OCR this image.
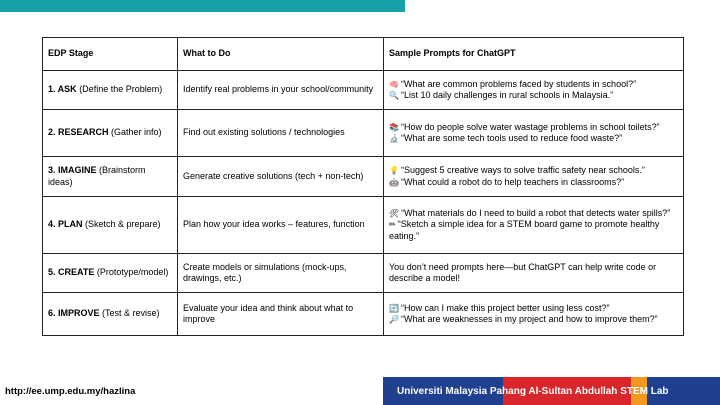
EDP Stage	What to Do	Sample Prompts for ChatGPT
1. ASK (Define the Problem)	Identify real problems in your school/community	🧠 “What are common problems faced by students in school?”
🔍 “List 10 daily challenges in rural schools in Malaysia.”
2. RESEARCH (Gather info)	Find out existing solutions / technologies	📚 “How do people solve water wastage problems in school toilets?”
🔬 “What are some tech tools used to reduce food waste?”
3. IMAGINE (Brainstorm ideas)	Generate creative solutions (tech + non-tech)	💡 “Suggest 5 creative ways to solve traffic safety near schools.”
🤖 “What could a robot do to help teachers in classrooms?”
4. PLAN (Sketch & prepare)	Plan how your idea works – features, function	🛠 “What materials do I need to build a robot that detects water spills?”
✏ “Sketch a simple idea for a STEM board game to promote healthy eating.”
5. CREATE (Prototype/model)	Create models or simulations (mock-ups, drawings, etc.)	You don’t need prompts here—but ChatGPT can help write code or describe a model!
6. IMPROVE (Test & revise)	Evaluate your idea and think about what to improve	🔄 “How can I make this project better using less cost?”
🔎 “What are weaknesses in my project and how to improve them?”
http://ee.ump.edu.my/hazlina	Universiti Malaysia Pahang Al-Sultan Abdullah STEM Lab
